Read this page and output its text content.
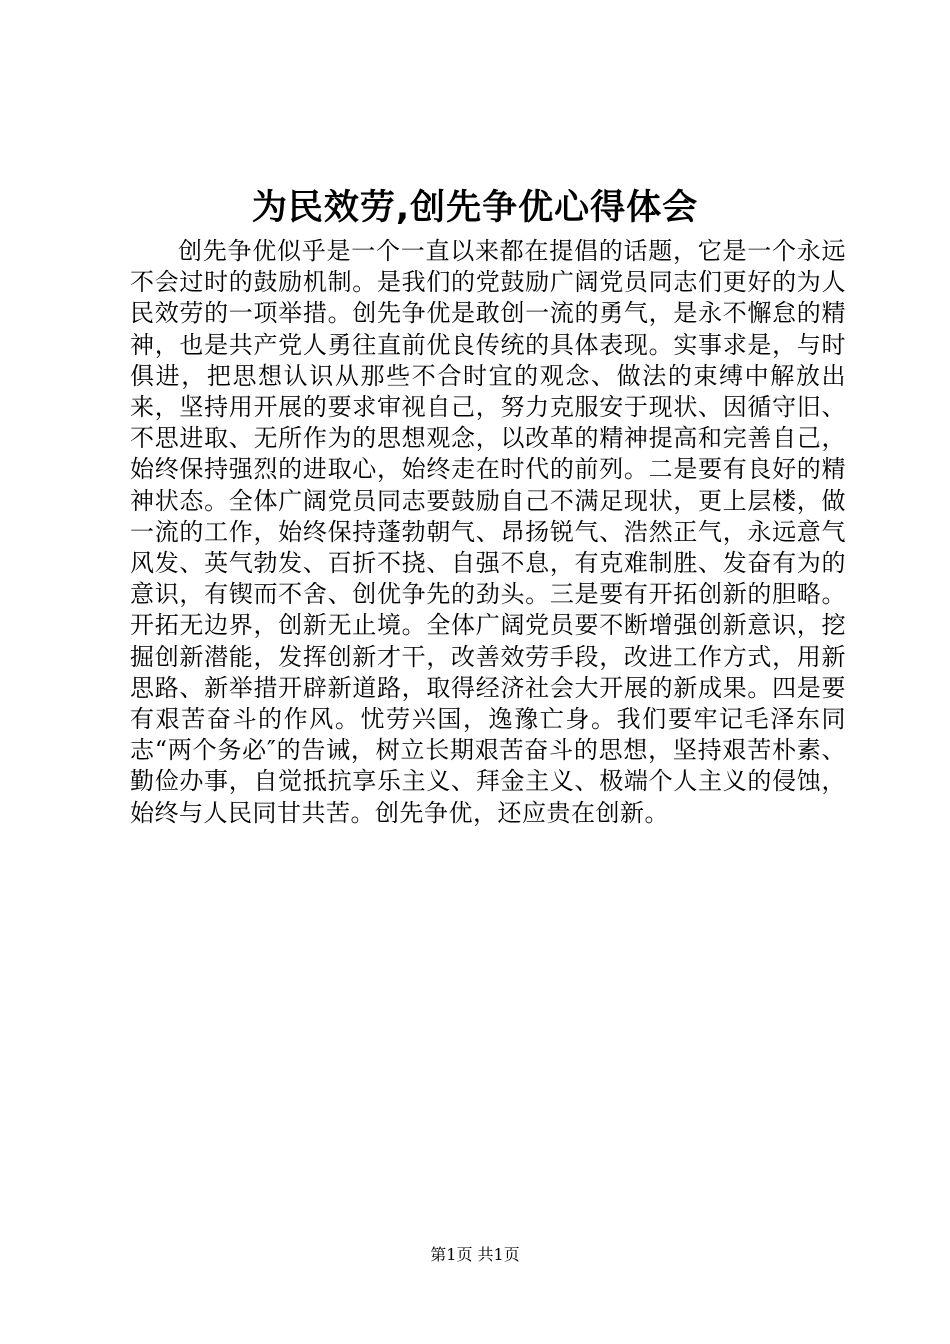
为民效劳,创先争优心得体会

创先争优似乎是一个一直以来都在提倡的话题，它是一个永远不会过时的鼓励机制。是我们的党鼓励广阔党员同志们更好的为人民效劳的一项举措。创先争优是敢创一流的勇气，是永不懈怠的精神，也是共产党人勇往直前优良传统的具体表现。实事求是，与时俱进，把思想认识从那些不合时宜的观念、做法的束缚中解放出来，坚持用开展的要求审视自己，努力克服安于现状、因循守旧、不思进取、无所作为的思想观念，以改革的精神提高和完善自己，始终保持强烈的进取心，始终走在时代的前列。二是要有良好的精神状态。全体广阔党员同志要鼓励自己不满足现状，更上层楼，做一流的工作，始终保持蓬勃朝气、昂扬锐气、浩然正气，永远意气风发、英气勃发、百折不挠、自强不息，有克难制胜、发奋有为的意识，有锲而不舍、创优争先的劲头。三是要有开拓创新的胆略。开拓无边界，创新无止境。全体广阔党员要不断增强创新意识，挖掘创新潜能，发挥创新才干，改善效劳手段，改进工作方式，用新思路、新举措开辟新道路，取得经济社会大开展的新成果。四是要有艰苦奋斗的作风。忧劳兴国，逸豫亡身。我们要牢记毛泽东同志“两个务必″的告诫，树立长期艰苦奋斗的思想，坚持艰苦朴素、勤俭办事，自觉抵抗享乐主义、拜金主义、极端个人主义的侵蚀，始终与人民同甘共苦。创先争优，还应贵在创新。

第1页 共1页
